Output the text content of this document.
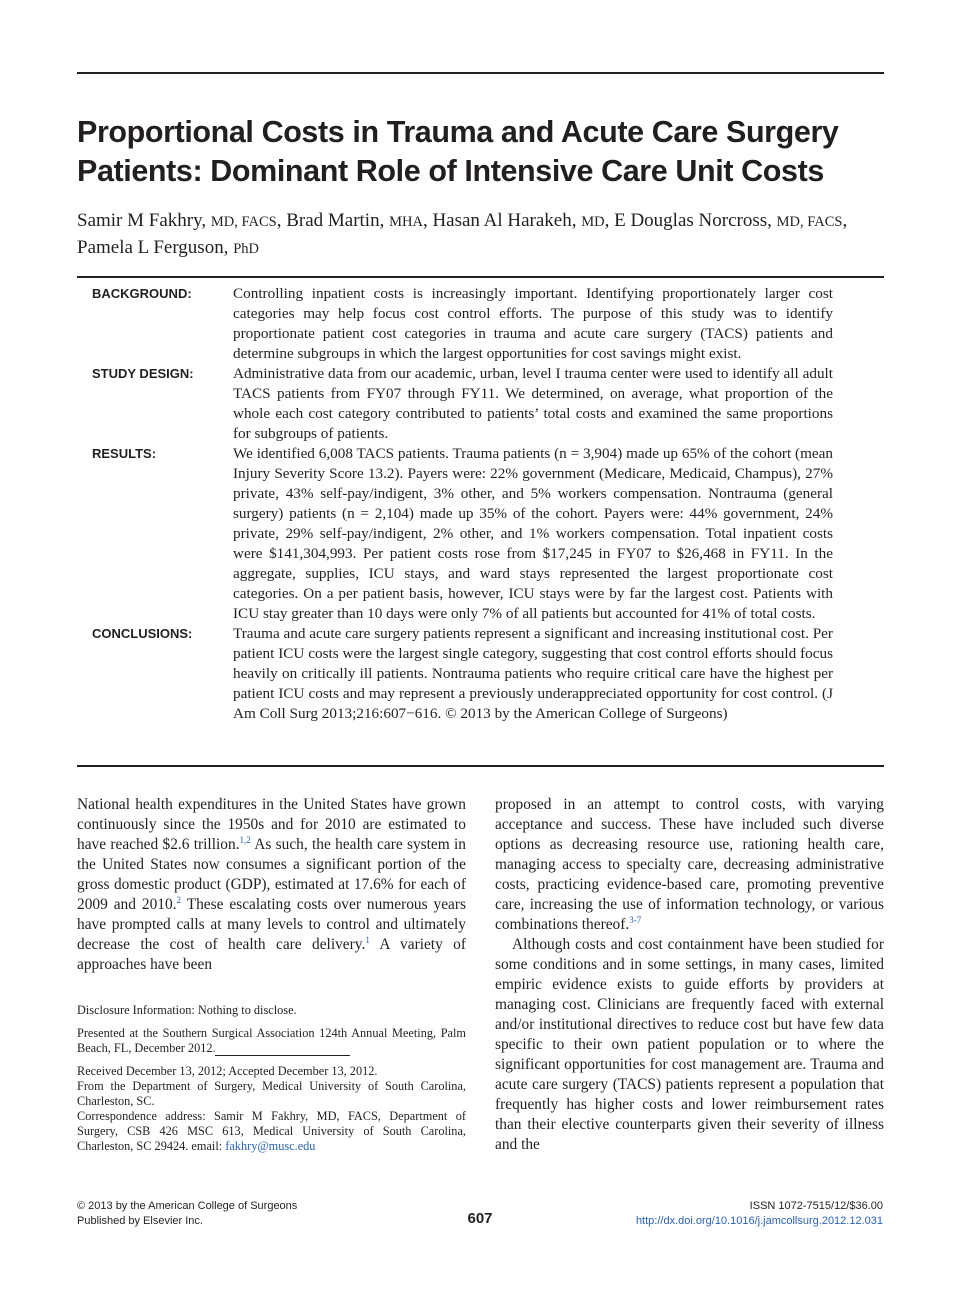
Proportional Costs in Trauma and Acute Care Surgery Patients: Dominant Role of Intensive Care Unit Costs
Samir M Fakhry, MD, FACS, Brad Martin, MHA, Hasan Al Harakeh, MD, E Douglas Norcross, MD, FACS,
Pamela L Ferguson, PhD
BACKGROUND:	Controlling inpatient costs is increasingly important. Identifying proportionately larger cost categories may help focus cost control efforts. The purpose of this study was to identify proportionate patient cost categories in trauma and acute care surgery (TACS) patients and determine subgroups in which the largest opportunities for cost savings might exist.
STUDY DESIGN:	Administrative data from our academic, urban, level I trauma center were used to identify all adult TACS patients from FY07 through FY11. We determined, on average, what proportion of the whole each cost category contributed to patients’ total costs and examined the same proportions for subgroups of patients.
RESULTS:	We identified 6,008 TACS patients. Trauma patients (n = 3,904) made up 65% of the cohort (mean Injury Severity Score 13.2). Payers were: 22% government (Medicare, Medicaid, Champus), 27% private, 43% self-pay/indigent, 3% other, and 5% workers compensation. Nontrauma (general surgery) patients (n = 2,104) made up 35% of the cohort. Payers were: 44% government, 24% private, 29% self-pay/indigent, 2% other, and 1% workers compensation. Total inpatient costs were $141,304,993. Per patient costs rose from $17,245 in FY07 to $26,468 in FY11. In the aggregate, supplies, ICU stays, and ward stays represented the largest proportionate cost categories. On a per patient basis, however, ICU stays were by far the largest cost. Patients with ICU stay greater than 10 days were only 7% of all patients but accounted for 41% of total costs.
CONCLUSIONS:	Trauma and acute care surgery patients represent a significant and increasing institutional cost. Per patient ICU costs were the largest single category, suggesting that cost control efforts should focus heavily on critically ill patients. Nontrauma patients who require critical care have the highest per patient ICU costs and may represent a previously underappreciated opportunity for cost control. (J Am Coll Surg 2013;216:607−616. © 2013 by the American College of Surgeons)

National health expenditures in the United States have grown continuously since the 1950s and for 2010 are estimated to have reached $2.6 trillion.$^{1,2}$ As such, the health care system in the United States now consumes a significant portion of the gross domestic product (GDP), estimated at 17.6% for each of 2009 and 2010.$^2$ These escalating costs over numerous years have prompted calls at many levels to control and ultimately decrease the cost of health care delivery.$^1$ A variety of approaches have been

proposed in an attempt to control costs, with varying acceptance and success. These have included such diverse options as decreasing resource use, rationing health care, managing access to specialty care, decreasing administrative costs, practicing evidence-based care, promoting preventive care, increasing the use of information technology, or various combinations thereof.$^{3-7}$

Although costs and cost containment have been studied for some conditions and in some settings, in many cases, limited empiric evidence exists to guide efforts by providers at managing cost. Clinicians are frequently faced with external and/or institutional directives to reduce cost but have few data specific to their own patient population or to where the significant opportunities for cost management are. Trauma and acute care surgery (TACS) patients represent a population that frequently has higher costs and lower reimbursement rates than their elective counterparts given their severity of illness and the

Disclosure Information: Nothing to disclose.

Presented at the Southern Surgical Association 124th Annual Meeting, Palm Beach, FL, December 2012.

Received December 13, 2012; Accepted December 13, 2012.

From the Department of Surgery, Medical University of South Carolina, Charleston, SC.

Correspondence address: Samir M Fakhry, MD, FACS, Department of Surgery, CSB 426 MSC 613, Medical University of South Carolina, Charleston, SC 29424. email: fakhry@musc.edu

© 2013 by the American College of Surgeons
Published by Elsevier Inc.	607
ISSN 1072-7515/12/$36.00
http://dx.doi.org/10.1016/j.jamcollsurg.2012.12.031
